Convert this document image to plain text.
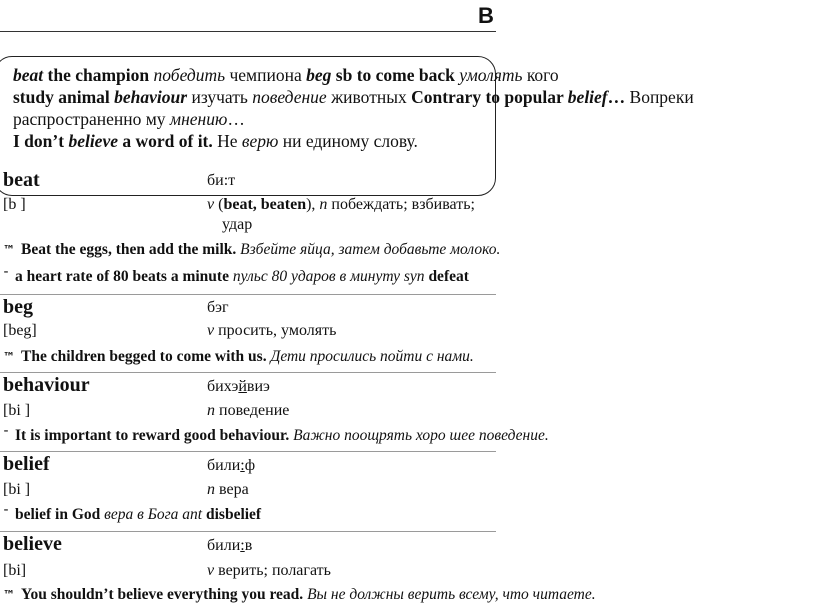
B
beat the champion победить чемпиона beg sb to come back умолять кого
study animal behaviour изучать поведение животных Contrary to popular belief… Вопреки
распространенно му мнению…
I don’t believe a word of it. Не верю ни единому слову.
beat	би:т
[b ]	v (beat, beaten), n побеждать; взбивать;
удар
™ Beat the eggs, then add the milk. Взбейте яйца, затем добавьте молоко.
ˉ a heart rate of 80 beats a minute пульс 80 ударов в минуту syn defeat
beg	бэг
[beg]	v просить, умолять
™ The children begged to come with us. Дети просились пойти с нами.
behaviour	бихэйвиэ
[bi ]	n поведение
ˉ It is important to reward good behaviour. Важно поощрять хоро шее поведение.
belief	били:ф
[bi ]	n вера
ˉ belief in God вера в Бога ant disbelief
believe	били:в
[bi]	v верить; полагать
™ You shouldn’t believe everything you read. Вы не должны верить всему, что читаете.
